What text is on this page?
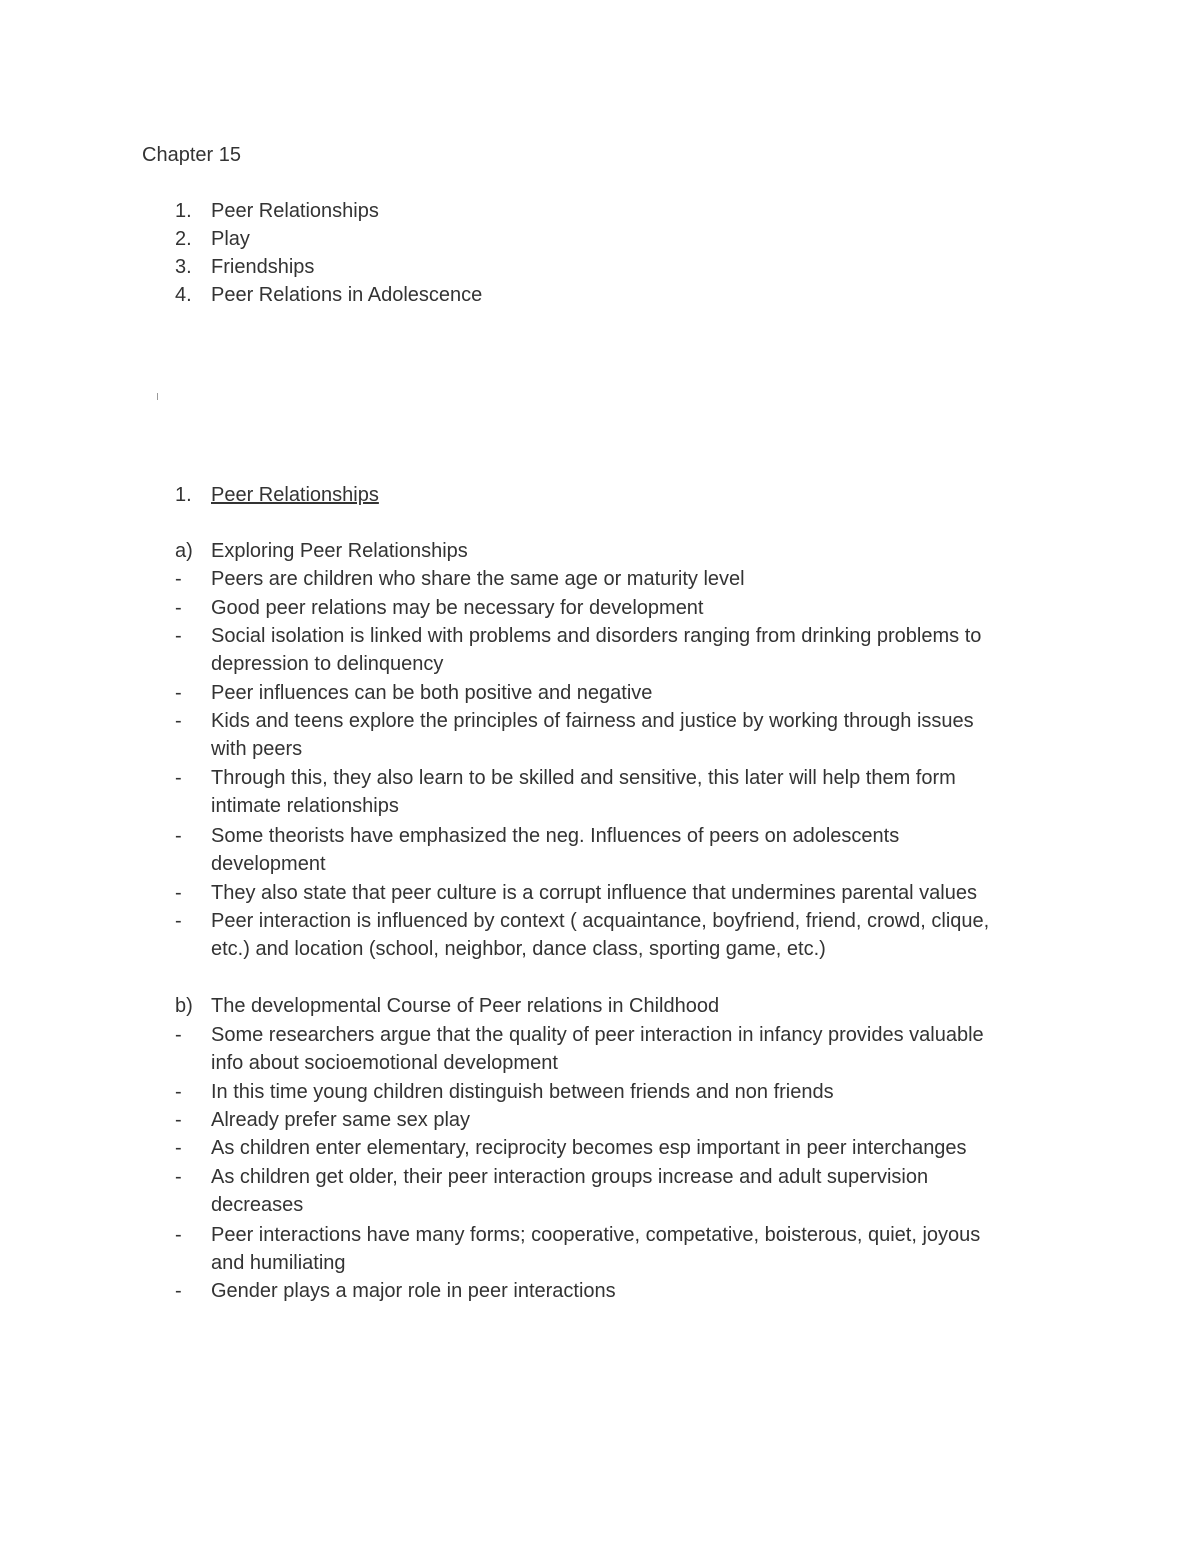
Chapter 15
1. Peer Relationships
2. Play
3. Friendships
4. Peer Relations in Adolescence
1. Peer Relationships
a) Exploring Peer Relationships
- Peers are children who share the same age or maturity level
- Good peer relations may be necessary for development
- Social isolation is linked with problems and disorders ranging from drinking problems to
depression to delinquency
- Peer influences can be both positive and negative
- Kids and teens explore the principles of fairness and justice by working through issues
with peers
- Through this, they also learn to be skilled and sensitive, this later will help them form
intimate relationships
- Some theorists have emphasized the neg. Influences of peers on adolescents
development
- They also state that peer culture is a corrupt influence that undermines parental values
- Peer interaction is influenced by context ( acquaintance, boyfriend, friend, crowd, clique,
etc.) and location (school, neighbor, dance class, sporting game, etc.)
b) The developmental Course of Peer relations in Childhood
- Some researchers argue that the quality of peer interaction in infancy provides valuable
info about socioemotional development
- In this time young children distinguish between friends and non friends
- Already prefer same sex play
- As children enter elementary, reciprocity becomes esp important in peer interchanges
- As children get older, their peer interaction groups increase and adult supervision
decreases
- Peer interactions have many forms; cooperative, competative, boisterous, quiet, joyous
and humiliating
- Gender plays a major role in peer interactions
